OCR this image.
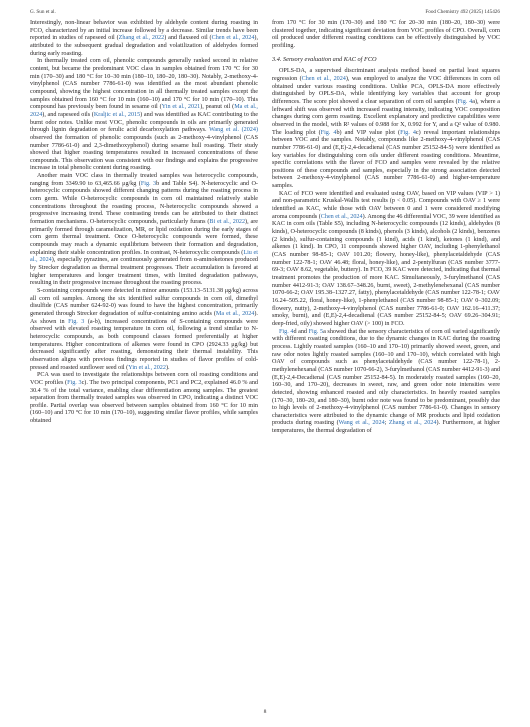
G. Sun et al.	Food Chemistry 492 (2025) 145426

Interestingly, non-linear behavior was exhibited by aldehyde content during roasting in FCO, characterized by an initial increase followed by a decrease. Similar trends have been reported in studies of rapeseed oil (Zhang et al., 2022) and flaxseed oil (Chen et al., 2024), attributed to the subsequent gradual degradation and volatilization of aldehydes formed during early roasting.

In thermally treated corn oil, phenolic compounds generally ranked second in relative content, but became the predominant VOC class in samples obtained from 170 °C for 30 min (170–30) and 180 °C for 10–30 min (180–10, 180–20, 180–30). Notably, 2-methoxy-4-vinylphenol (CAS number 7786-61-0) was identified as the most abundant phenolic compound, showing the highest concentration in all thermally treated samples except the samples obtained from 160 °C for 10 min (160–10) and 170 °C for 10 min (170–10). This compound has previously been found in sesame oil (Yin et al., 2021), peanut oil (Ma et al., 2024), and rapeseed oils (Kraljic et al., 2015) and was identified as KAC contributing to the burnt odor notes. Unlike most VOC, phenolic compounds in oils are primarily generated through lignin degradation or ferulic acid decarboxylation pathways. Wang et al. (2024) observed the formation of phenolic compounds (such as 2-methoxy-4-vinylphenol (CAS number 7786-61-0) and 2,3-dimethoxyphenol) during sesame hull roasting. Their study showed that higher roasting temperatures resulted in increased concentrations of these compounds. This observation was consistent with our findings and explains the progressive increase in total phenolic content during roasting.

Another main VOC class in thermally treated samples was heterocyclic compounds, ranging from 3349.90 to 63,465.66 μg/kg (Fig. 3b and Table S4). N-heterocyclic and O-heterocyclic compounds showed different changing patterns during the roasting process in corn germ. While O-heterocyclic compounds in corn oil maintained relatively stable concentrations throughout the roasting process, N-heterocyclic compounds showed a progressive increasing trend. These contrasting trends can be attributed to their distinct formation mechanisms. O-heterocyclic compounds, particularly furans (Bi et al., 2022), are primarily formed through caramelization, MR, or lipid oxidation during the early stages of corn germ thermal treatment. Once O-heterocyclic compounds were formed, these compounds may reach a dynamic equilibrium between their formation and degradation, explaining their stable concentration profiles. In contrast, N-heterocyclic compounds (Liu et al., 2024), especially pyrazines, are continuously generated from α-aminoketones produced by Strecker degradation as thermal treatment progresses. Their accumulation is favored at higher temperatures and longer treatment times, with limited degradation pathways, resulting in their progressive increase throughout the roasting process.

S-containing compounds were detected in minor amounts (153.13–5131.38 μg/kg) across all corn oil samples. Among the six identified sulfur compounds in corn oil, dimethyl disulfide (CAS number 624-92-0) was found to have the highest concentration, primarily generated through Strecker degradation of sulfur-containing amino acids (Ma et al., 2024). As shown in Fig. 3 (a-b), increased concentrations of S-containing compounds were observed with elevated roasting temperature in corn oil, following a trend similar to N-heterocyclic compounds, as both compound classes formed preferentially at higher temperatures. Higher concentrations of alkenes were found in CPO (2924.33 μg/kg) but decreased significantly after roasting, demonstrating their thermal instability. This observation aligns with previous findings reported in studies of flavor profiles of cold-pressed and roasted sunflower seed oil (Yin et al., 2022).

PCA was used to investigate the relationships between corn oil roasting conditions and VOC profiles (Fig. 3c). The two principal components, PC1 and PC2, explained 46.0 % and 30.4 % of the total variance, enabling clear differentiation among samples. The greatest separation from thermally treated samples was observed in CPO, indicating a distinct VOC profile. Partial overlap was observed between samples obtained from 160 °C for 10 min (160–10) and 170 °C for 10 min (170–10), suggesting similar flavor profiles, while samples obtained

from 170 °C for 30 min (170–30) and 180 °C for 20–30 min (180–20, 180–30) were clustered together, indicating significant deviation from VOC profiles of CPO. Overall, corn oil produced under different roasting conditions can be effectively distinguished by VOC profiling.

3.4. Sensory evaluation and KAC of FCO

OPLS-DA, a supervised discriminant analysis method based on partial least squares regression (Chen et al., 2024), was employed to analyze the VOC differences in corn oil obtained under various roasting conditions. Unlike PCA, OPLS-DA more effectively distinguished by OPLS-DA, while identifying key variables that account for group differences. The score plot showed a clear separation of corn oil samples (Fig. 4a), where a leftward shift was observed with increased roasting intensity, indicating VOC composition changes during corn germ roasting. Excellent explanatory and predictive capabilities were observed in the model, with R² values of 0.988 for X, 0.992 for Y, and a Q² value of 0.980. The loading plot (Fig. 4b) and VIP value plot (Fig. 4c) reveal important relationships between VOC and the samples. Notably, compounds like 2-methoxy-4-vinylphenol (CAS number 7786-61-0) and (E,E)-2,4-decadienal (CAS number 25152-84-5) were identified as key variables for distinguishing corn oils under different roasting conditions. Meantime, specific correlations with the flavor of FCO and samples were revealed by the relative positions of these compounds and samples, especially in the strong association detected between 2-methoxy-4-vinylphenol (CAS number 7786-61-0) and higher-temperature samples.

KAC of FCO were identified and evaluated using OAV, based on VIP values (VIP > 1) and non-parametric Kruskal-Wallis test results (p < 0.05). Compounds with OAV ≥ 1 were identified as KAC, while those with OAV between 0 and 1 were considered modifying aroma compounds (Chen et al., 2024). Among the 46 differential VOC, 39 were identified as KAC in corn oils (Table S5), including N-heterocyclic compounds (12 kinds), aldehydes (8 kinds), O-heterocyclic compounds (8 kinds), phenols (3 kinds), alcohols (2 kinds), benzenes (2 kinds), sulfur-containing compounds (1 kind), acids (1 kind), ketones (1 kind), and alkenes (1 kind). In CPO, 11 compounds showed higher OAV, including 1-phenylethanol (CAS number 98-85-1; OAV 101.20; flowery, honey-like), phenylacetaldehyde (CAS number 122-78-1; OAV 46.48; floral, honey-like), and 2-pentylfuran (CAS number 3777-69-3; OAV 8.62, vegetable, buttery). In FCO, 39 KAC were detected, indicating that thermal treatment promotes the production of more KAC. Simultaneously, 3-furylmethanol (CAS number 4412-91-3; OAV 138.67–348.26, burnt, sweet), 2-methylenehexanal (CAS number 1070-66-2; OAV 195.38–1327.27, fatty), phenylacetaldehyde (CAS number 122-78-1; OAV 16.24–505.22, floral, honey-like), 1-phenylethanol (CAS number 98-85-1; OAV 0–302.09; flowery, nutty), 2-methoxy-4-vinylphenol (CAS number 7786-61-0; OAV 162.16–411.37; smoky, burnt), and (E,E)-2,4-decadienal (CAS number 25152-84-5; OAV 69.26–304.91; deep-fried, oily) showed higher OAV (> 100) in FCO.

Fig. 4d and Fig. 5a showed that the sensory characteristics of corn oil varied significantly with different roasting conditions, due to the dynamic changes in KAC during the roasting process. Lightly roasted samples (160–10 and 170–10) primarily showed sweet, green, and raw odor notes lightly roasted samples (160–10 and 170–10), which correlated with high OAV of compounds such as phenylacetaldehyde (CAS number 122-78-1), 2-methylenehexanal (CAS number 1070-66-2), 3-furylmethanol (CAS number 4412-91-3) and (E,E)-2,4-Decadienal (CAS number 25152-84-5). In moderately roasted samples (160–20, 160–30, and 170–20), decreases in sweet, raw, and green odor note intensities were detected, showing enhanced roasted and oily characteristics. In heavily roasted samples (170–30, 180–20, and 180–30), burnt odor note was found to be predominant, possibly due to high levels of 2-methoxy-4-vinylphenol (CAS number 7786-61-0). Changes in sensory characteristics were attributed to the dynamic change of MR products and lipid oxidation products during roasting (Wang et al., 2024; Zhang et al., 2024). Furthermore, at higher temperatures, the thermal degradation of

8
